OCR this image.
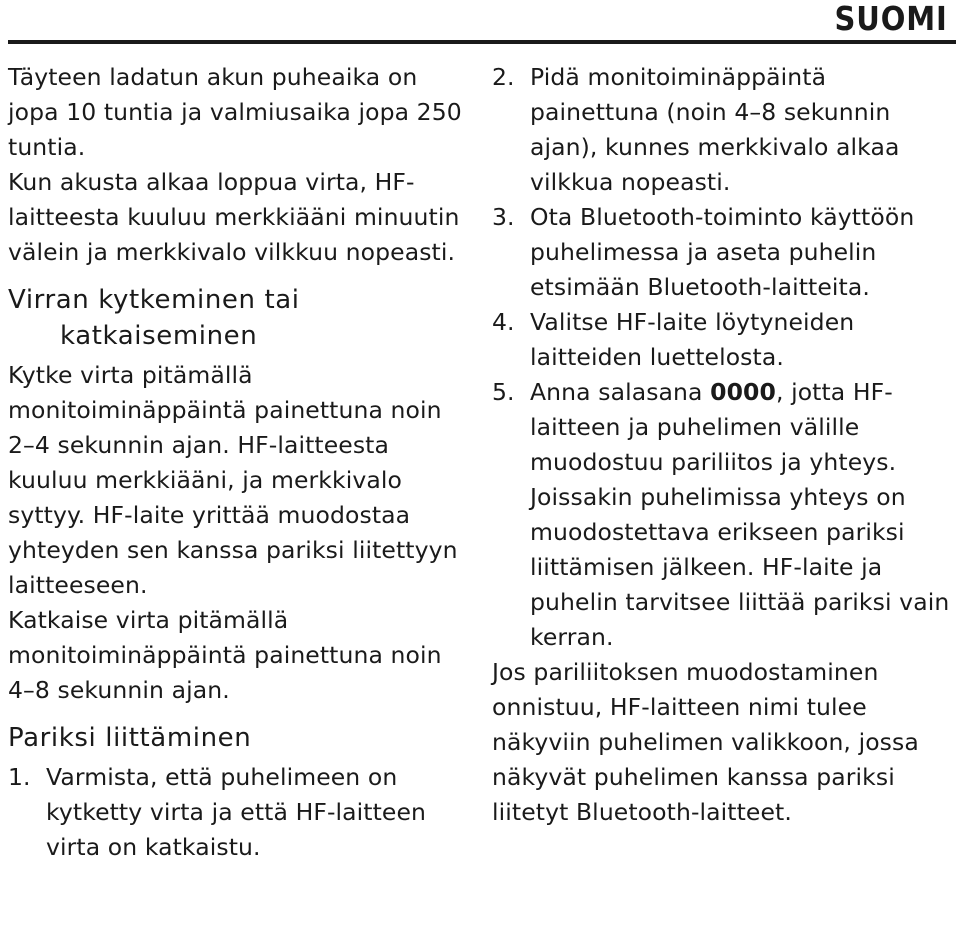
SUOMI

Täyteen ladatun akun puheaika on jopa 10 tuntia ja valmiusaika jopa 250 tuntia.

Kun akusta alkaa loppua virta, HF-laitteesta kuuluu merkkiääni minuutin välein ja merkkivalo vilkkuu nopeasti.

Virran kytkeminen tai
katkaiseminen

Kytke virta pitämällä monitoiminäppäintä painettuna noin 2–4 sekunnin ajan. HF-laitteesta kuuluu merkkiääni, ja merkkivalo syttyy. HF-laite yrittää muodostaa yhteyden sen kanssa pariksi liitettyyn laitteeseen.

Katkaise virta pitämällä monitoiminäppäintä painettuna noin 4–8 sekunnin ajan.

Pariksi liittäminen
1. Varmista, että puhelimeen on kytketty virta ja että HF-laitteen virta on katkaistu.
2. Pidä monitoiminäppäintä painettuna (noin 4–8 sekunnin ajan), kunnes merkkivalo alkaa vilkkua nopeasti.
3. Ota Bluetooth-toiminto käyttöön puhelimessa ja aseta puhelin etsimään Bluetooth-laitteita.
4. Valitse HF-laite löytyneiden laitteiden luettelosta.
5. Anna salasana 0000, jotta HF-laitteen ja puhelimen välille muodostuu pariliitos ja yhteys. Joissakin puhelimissa yhteys on muodostettava erikseen pariksi liittämisen jälkeen. HF-laite ja puhelin tarvitsee liittää pariksi vain kerran.

Jos pariliitoksen muodostaminen onnistuu, HF-laitteen nimi tulee näkyviin puhelimen valikkoon, jossa näkyvät puhelimen kanssa pariksi liitetyt Bluetooth-laitteet.
